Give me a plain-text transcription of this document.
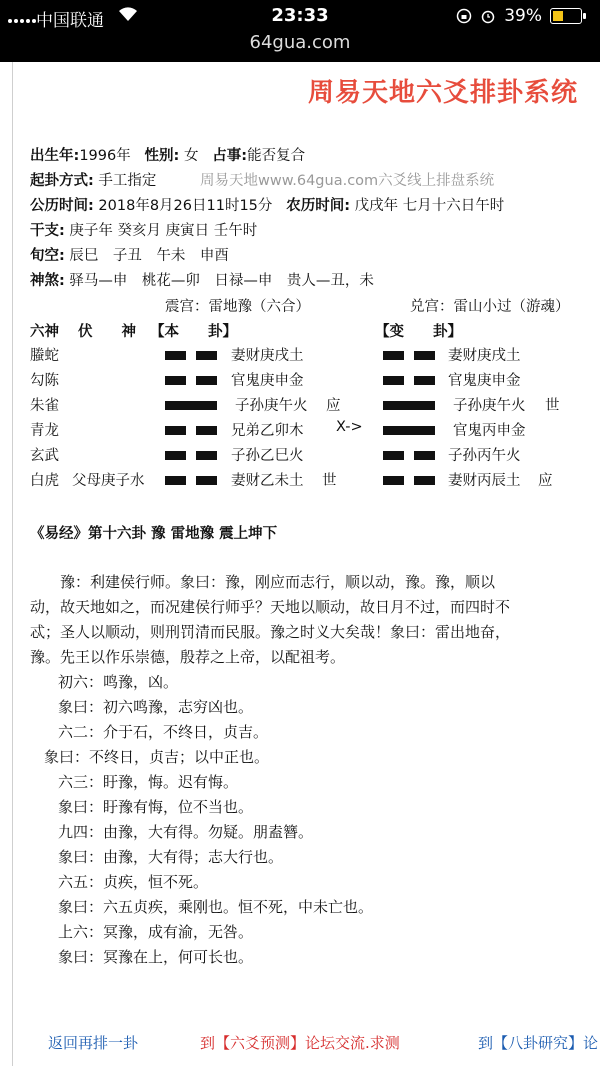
中国联通	23:33	39%
64gua.com
周易天地六爻排卦系统
出生年:1996年 性别: 女 占事:能否复合
起卦方式: 手工指定	周易天地www.64gua.com六爻线上排盘系统
公历时间: 2018年8月26日11时15分 农历时间: 戊戌年 七月十六日午时
干支: 庚子年 癸亥月 庚寅日 壬午时
旬空: 辰巳　子丑　午未　申酉
神煞: 驿马—申　桃花—卯　日禄—申　贵人—丑，未
震宫：雷地豫（六合）	兑宫：雷山小过（游魂）
六神 伏　　神 【本　　卦】	【变　　卦】
螣蛇	妻财庚戌土	妻财庚戌土
勾陈	官鬼庚申金	官鬼庚申金
朱雀	子孙庚午火 应	子孙庚午火 世
青龙	兄弟乙卯木 X->	官鬼丙申金
玄武	子孙乙巳火	子孙丙午火
白虎 父母庚子水	妻财乙未土 世	妻财丙辰土 应
《易经》第十六卦 豫 雷地豫 震上坤下
　　豫：利建侯行师。象曰：豫，刚应而志行，顺以动，豫。豫，顺以动，故天地如之，而况建侯行师乎？天地以顺动，故日月不过，而四时不忒；圣人以顺动，则刑罚清而民服。豫之时义大矣哉！象曰：雷出地奋，豫。先王以作乐崇德，殷荐之上帝，以配祖考。
初六：鸣豫，凶。
象曰：初六鸣豫，志穷凶也。
六二：介于石，不终日，贞吉。
象曰：不终日，贞吉；以中正也。
六三：盱豫，悔。迟有悔。
象曰：盱豫有悔，位不当也。
九四：由豫，大有得。勿疑。朋盍簪。
象曰：由豫，大有得；志大行也。
六五：贞疾，恒不死。
象曰：六五贞疾，乘刚也。恒不死，中未亡也。
上六：冥豫，成有渝，无咎。
象曰：冥豫在上，何可长也。
返回再排一卦	到【六爻预测】论坛交流.求测	到【八卦研究】论
